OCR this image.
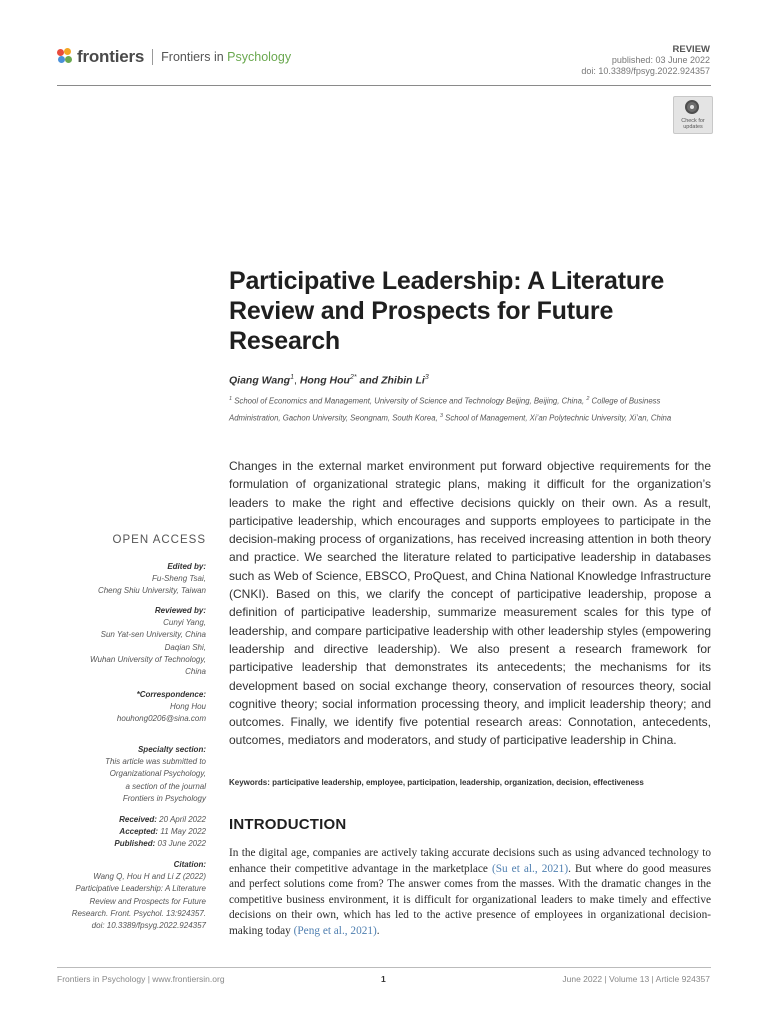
frontiers Frontiers in Psychology
REVIEW
published: 03 June 2022
doi: 10.3389/fpsyg.2022.924357
Check for updates
Participative Leadership: A Literature Review and Prospects for Future Research
Qiang Wang$^1$, Hong Hou$^{2*}$ and Zhibin Li$^3$
$^1$ School of Economics and Management, University of Science and Technology Beijing, Beijing, China, $^2$ College of Business Administration, Gachon University, Seongnam, South Korea, $^3$ School of Management, Xi’an Polytechnic University, Xi’an, China
Changes in the external market environment put forward objective requirements for the formulation of organizational strategic plans, making it difficult for the organization’s leaders to make the right and effective decisions quickly on their own. As a result, participative leadership, which encourages and supports employees to participate in the decision-making process of organizations, has received increasing attention in both theory and practice. We searched the literature related to participative leadership in databases such as Web of Science, EBSCO, ProQuest, and China National Knowledge Infrastructure (CNKI). Based on this, we clarify the concept of participative leadership, propose a definition of participative leadership, summarize measurement scales for this type of leadership, and compare participative leadership with other leadership styles (empowering leadership and directive leadership). We also present a research framework for participative leadership that demonstrates its antecedents; the mechanisms for its development based on social exchange theory, conservation of resources theory, social cognitive theory; social information processing theory, and implicit leadership theory; and outcomes. Finally, we identify five potential research areas: Connotation, antecedents, outcomes, mediators and moderators, and study of participative leadership in China.
Keywords: participative leadership, employee, participation, leadership, organization, decision, effectiveness
INTRODUCTION
In the digital age, companies are actively taking accurate decisions such as using advanced technology to enhance their competitive advantage in the marketplace (Su et al., 2021). But where do good measures and perfect solutions come from? The answer comes from the masses. With the dramatic changes in the competitive business environment, it is difficult for organizational leaders to make timely and effective decisions on their own, which has led to the active presence of employees in organizational decision-making today (Peng et al., 2021).
OPEN ACCESS
Edited by:
Fu-Sheng Tsai,
Cheng Shiu University, Taiwan
Reviewed by:
Cunyi Yang,
Sun Yat-sen University, China
Daqian Shi,
Wuhan University of Technology,
China
*Correspondence:
Hong Hou
houhong0206@sina.com
Specialty section:
This article was submitted to
Organizational Psychology,
a section of the journal
Frontiers in Psychology
Received: 20 April 2022
Accepted: 11 May 2022
Published: 03 June 2022
Citation:
Wang Q, Hou H and Li Z (2022)
Participative Leadership: A Literature
Review and Prospects for Future
Research. Front. Psychol. 13:924357.
doi: 10.3389/fpsyg.2022.924357
Frontiers in Psychology | www.frontiersin.org	1	June 2022 | Volume 13 | Article 924357
